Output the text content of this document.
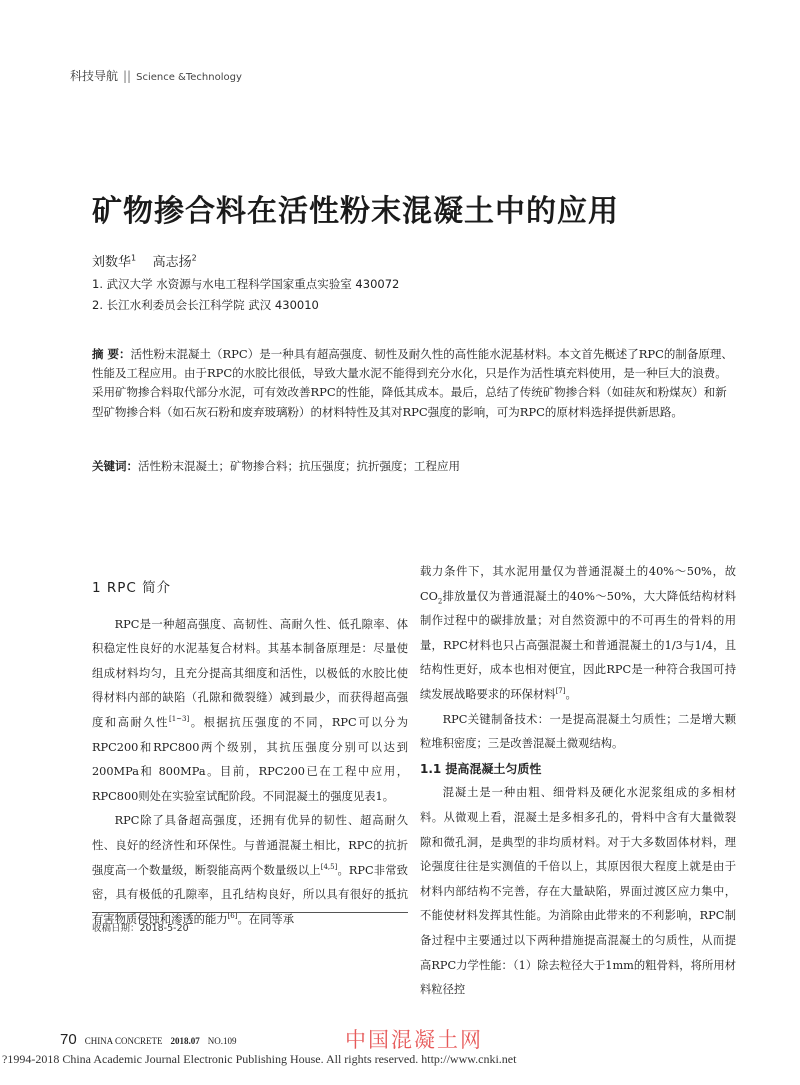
科技导航 || Science &Technology
矿物掺合料在活性粉末混凝土中的应用
刘数华$^1$ 高志扬$^2$
1. 武汉大学 水资源与水电工程科学国家重点实验室 430072
2. 长江水利委员会长江科学院 武汉 430010
摘 要：活性粉末混凝土（RPC）是一种具有超高强度、韧性及耐久性的高性能水泥基材料。本文首先概述了RPC的制备原理、性能及工程应用。由于RPC的水胶比很低，导致大量水泥不能得到充分水化，只是作为活性填充料使用，是一种巨大的浪费。采用矿物掺合料取代部分水泥，可有效改善RPC的性能，降低其成本。最后，总结了传统矿物掺合料（如硅灰和粉煤灰）和新型矿物掺合料（如石灰石粉和废弃玻璃粉）的材料特性及其对RPC强度的影响，可为RPC的原材料选择提供新思路。
关键词：活性粉末混凝土；矿物掺合料；抗压强度；抗折强度；工程应用
1 RPC 简介

RPC是一种超高强度、高韧性、高耐久性、低孔隙率、体积稳定性良好的水泥基复合材料。其基本制备原理是：尽量使组成材料均匀，且充分提高其细度和活性，以极低的水胶比使得材料内部的缺陷（孔隙和微裂缝）减到最少，而获得超高强度和高耐久性[1~3]。根据抗压强度的不同，RPC可以分为RPC200和RPC800两个级别，其抗压强度分别可以达到200MPa和 800MPa。目前，RPC200已在工程中应用，RPC800则处在实验室试配阶段。不同混凝土的强度见表1。

RPC除了具备超高强度，还拥有优异的韧性、超高耐久性、良好的经济性和环保性。与普通混凝土相比，RPC的抗折强度高一个数量级，断裂能高两个数量级以上[4,5]。RPC非常致密，具有极低的孔隙率，且孔结构良好，所以具有很好的抵抗有害物质侵蚀和渗透的能力[6]。在同等承

载力条件下，其水泥用量仅为普通混凝土的40%～50%，故$CO_2$排放量仅为普通混凝土的40%～50%，大大降低结构材料制作过程中的碳排放量；对自然资源中的不可再生的骨料的用量，RPC材料也只占高强混凝土和普通混凝土的1/3与1/4，且结构性更好，成本也相对便宜，因此RPC是一种符合我国可持续发展战略要求的环保材料[7]。

RPC关键制备技术：一是提高混凝土匀质性；二是增大颗粒堆积密度；三是改善混凝土微观结构。

1.1 提高混凝土匀质性

混凝土是一种由粗、细骨料及硬化水泥浆组成的多相材料。从微观上看，混凝土是多相多孔的，骨料中含有大量微裂隙和微孔洞，是典型的非均质材料。对于大多数固体材料，理论强度往往是实测值的千倍以上，其原因很大程度上就是由于材料内部结构不完善，存在大量缺陷，界面过渡区应力集中，不能使材料发挥其性能。为消除由此带来的不利影响，RPC制备过程中主要通过以下两种措施提高混凝土的匀质性，从而提高RPC力学性能：（1）除去粒径大于1mm的粗骨料，将所用材料粒径控

收稿日期：2018-5-20
70 CHINA CONCRETE 2018.07 NO.109	中国混凝土网
?1994-2018 China Academic Journal Electronic Publishing House. All rights reserved. http://www.cnki.net
